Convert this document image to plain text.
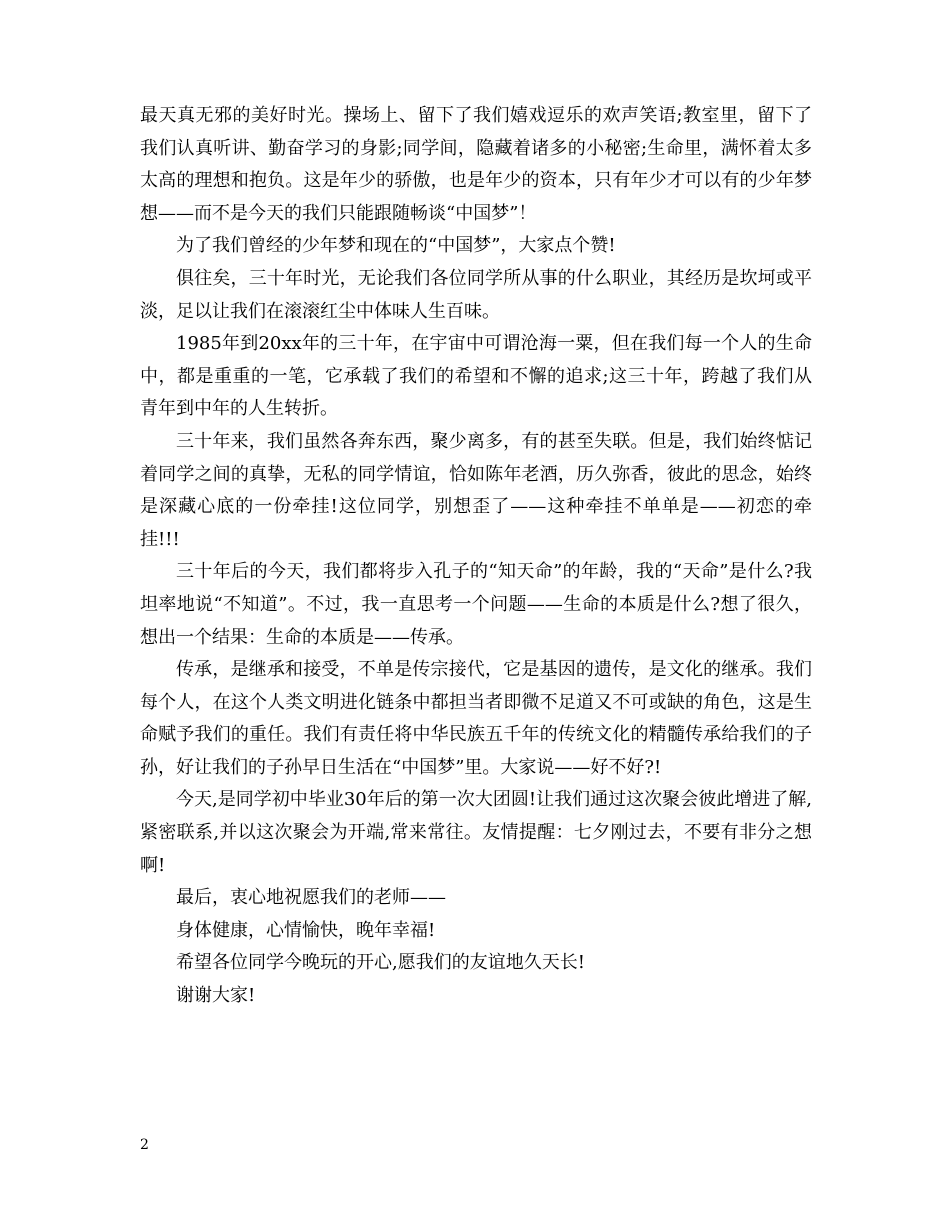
最天真无邪的美好时光。操场上、留下了我们嬉戏逗乐的欢声笑语;教室里，留下了我们认真听讲、勤奋学习的身影;同学间，隐藏着诸多的小秘密;生命里，满怀着太多太高的理想和抱负。这是年少的骄傲，也是年少的资本，只有年少才可以有的少年梦想——而不是今天的我们只能跟随畅谈“中国梦”！

为了我们曾经的少年梦和现在的“中国梦”，大家点个赞!

俱往矣，三十年时光，无论我们各位同学所从事的什么职业，其经历是坎坷或平淡，足以让我们在滚滚红尘中体味人生百味。

1985年到20xx年的三十年，在宇宙中可谓沧海一粟，但在我们每一个人的生命中，都是重重的一笔，它承载了我们的希望和不懈的追求;这三十年，跨越了我们从青年到中年的人生转折。

三十年来，我们虽然各奔东西，聚少离多，有的甚至失联。但是，我们始终惦记着同学之间的真挚，无私的同学情谊，恰如陈年老酒，历久弥香，彼此的思念，始终是深藏心底的一份牵挂!这位同学，别想歪了——这种牵挂不单单是——初恋的牵挂!!!

三十年后的今天，我们都将步入孔子的“知天命”的年龄，我的“天命”是什么?我坦率地说“不知道”。不过，我一直思考一个问题——生命的本质是什么?想了很久，想出一个结果：生命的本质是——传承。

传承，是继承和接受，不单是传宗接代，它是基因的遗传，是文化的继承。我们每个人，在这个人类文明进化链条中都担当者即微不足道又不可或缺的角色，这是生命赋予我们的重任。我们有责任将中华民族五千年的传统文化的精髓传承给我们的子孙，好让我们的子孙早日生活在“中国梦”里。大家说——好不好?!

今天,是同学初中毕业30年后的第一次大团圆!让我们通过这次聚会彼此增进了解,紧密联系,并以这次聚会为开端,常来常往。友情提醒：七夕刚过去，不要有非分之想啊!

最后，衷心地祝愿我们的老师——

身体健康，心情愉快，晚年幸福!

希望各位同学今晚玩的开心,愿我们的友谊地久天长!

谢谢大家!

2
